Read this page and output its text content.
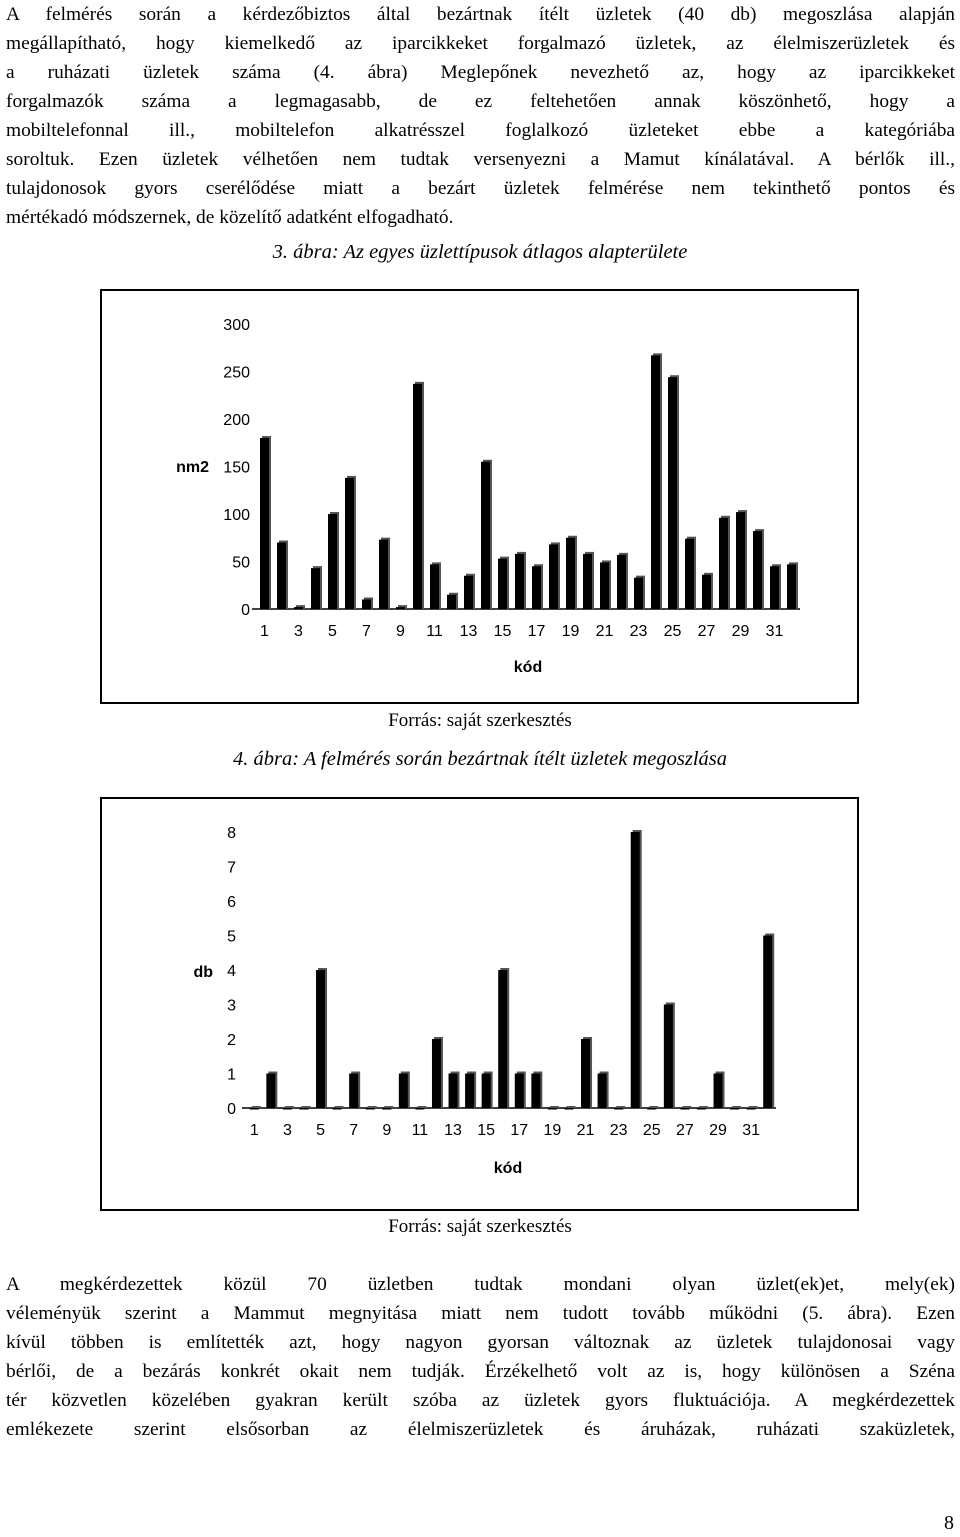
A felmérés során a kérdezőbiztos által bezártnak ítélt üzletek (40 db) megoszlása alapján
megállapítható, hogy kiemelkedő az iparcikkeket forgalmazó üzletek, az élelmiszerüzletek és
a ruházati üzletek száma (4. ábra) Meglepőnek nevezhető az, hogy az iparcikkeket
forgalmazók száma a legmagasabb, de ez feltehetően annak köszönhető, hogy a
mobiltelefonnal ill., mobiltelefon alkatrésszel foglalkozó üzleteket ebbe a kategóriába
soroltuk. Ezen üzletek vélhetően nem tudtak versenyezni a Mamut kínálatával. A bérlők ill.,
tulajdonosok gyors cserélődése miatt a bezárt üzletek felmérése nem tekinthető pontos és
mértékadó módszernek, de közelítő adatként elfogadható.
3. ábra: Az egyes üzlettípusok átlagos alapterülete
0
50
100
150
200
250
300
1 3 5 7 9 11 13 15 17 19 21 23 25 27 29 31
nm2
kód
Forrás: saját szerkesztés
4. ábra: A felmérés során bezártnak ítélt üzletek megoszlása
0
1
2
3
4
5
6
7
8
1 3 5 7 9 11 13 15 17 19 21 23 25 27 29 31
db
kód
Forrás: saját szerkesztés
A megkérdezettek közül 70 üzletben tudtak mondani olyan üzlet(ek)et, mely(ek)
véleményük szerint a Mammut megnyitása miatt nem tudott tovább működni (5. ábra). Ezen
kívül többen is említették azt, hogy nagyon gyorsan változnak az üzletek tulajdonosai vagy
bérlői, de a bezárás konkrét okait nem tudják. Érzékelhető volt az is, hogy különösen a Széna
tér közvetlen közelében gyakran került szóba az üzletek gyors fluktuációja. A megkérdezettek
emlékezete szerint elsősorban az élelmiszerüzletek és áruházak, ruházati szaküzletek,
8
